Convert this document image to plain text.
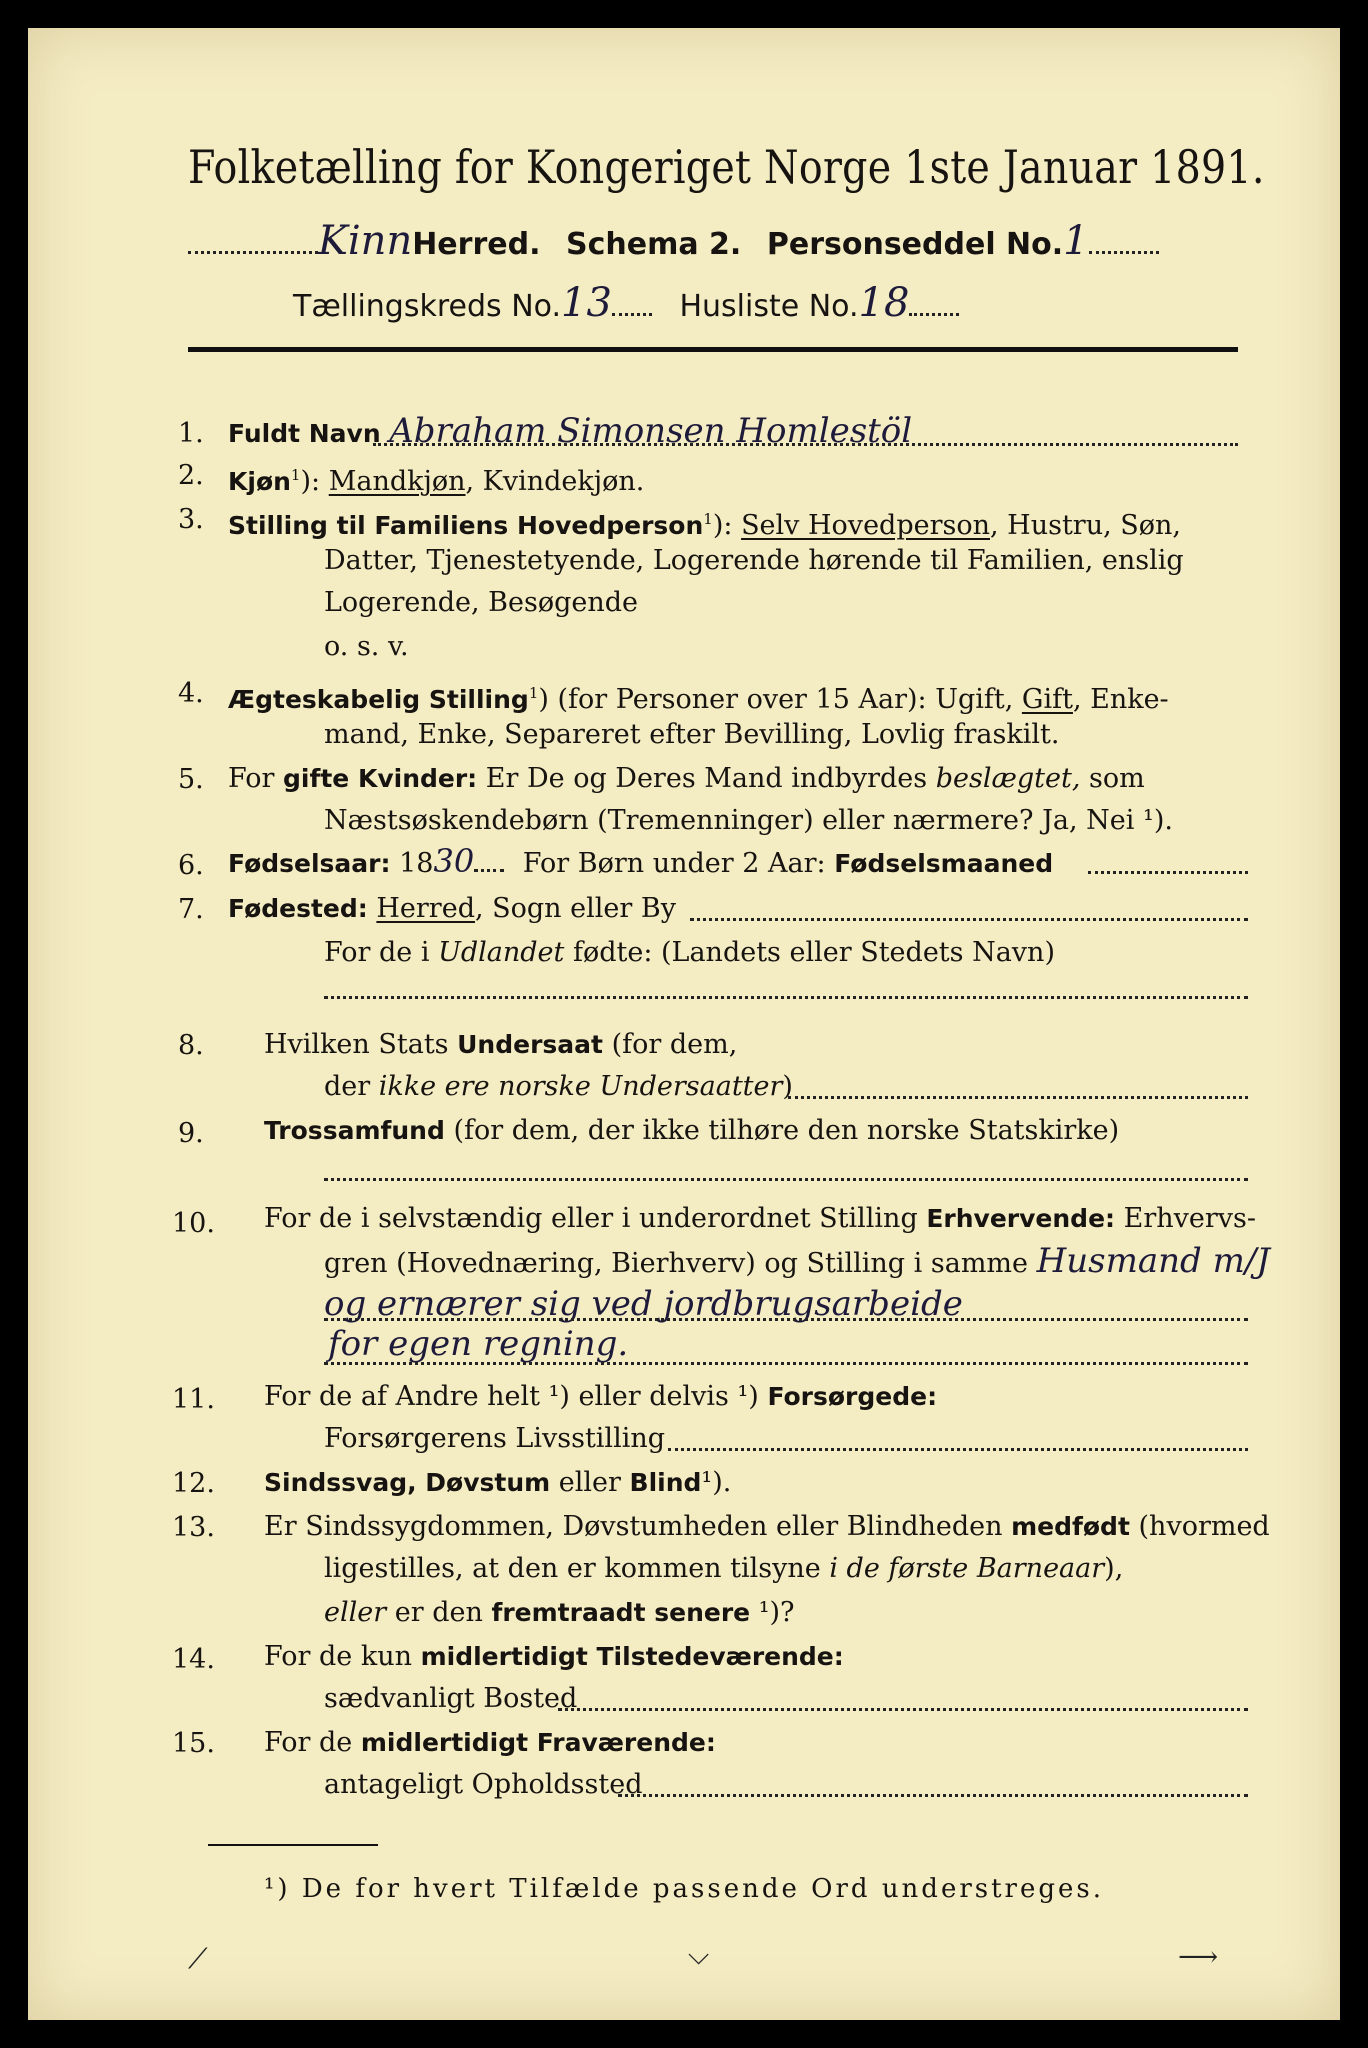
Folketælling for Kongeriget Norge 1ste Januar 1891.
KinnHerred. Schema 2. Personseddel No.1
Tællingskreds No.13 Husliste No.18
1. Fuldt Navn Abraham Simonsen Homlestöl
2. Kjøn$^1$): Mandkjøn, Kvindekjøn.
3. Stilling til Familiens Hovedperson$^1$): Selv Hovedperson, Hustru, Søn,
Datter, Tjenestetyende, Logerende hørende til Familien, enslig
Logerende, Besøgende
o. s. v.
4. Ægteskabelig Stilling$^1$) (for Personer over 15 Aar): Ugift, Gift, Enke-
mand, Enke, Separeret efter Bevilling, Lovlig fraskilt.
5. For gifte Kvinder: Er De og Deres Mand indbyrdes beslægtet, som
Næstsøskendebørn (Tremenninger) eller nærmere? Ja, Nei ¹).
6. Fødselsaar: 1830 For Børn under 2 Aar: Fødselsmaaned
7. Fødested: Herred, Sogn eller By
For de i Udlandet fødte: (Landets eller Stedets Navn)
8. Hvilken Stats Undersaat (for dem,
der ikke ere norske Undersaatter)
9. Trossamfund (for dem, der ikke tilhøre den norske Statskirke)
10. For de i selvstændig eller i underordnet Stilling Erhvervende: Erhvervs-
gren (Hovednæring, Bierhverv) og Stilling i samme Husmand m/J
og ernærer sig ved jordbrugsarbeide
for egen regning.
11. For de af Andre helt ¹) eller delvis ¹) Forsørgede:
Forsørgerens Livsstilling
12. Sindssvag, Døvstum eller Blind¹).
13. Er Sindssygdommen, Døvstumheden eller Blindheden medfødt (hvormed
ligestilles, at den er kommen tilsyne i de første Barneaar),
eller er den fremtraadt senere ¹)?
14. For de kun midlertidigt Tilstedeværende:
sædvanligt Bosted
15. For de midlertidigt Fraværende:
antageligt Opholdssted
¹) De for hvert Tilfælde passende Ord understreges.
⟋	⌵	⟶
